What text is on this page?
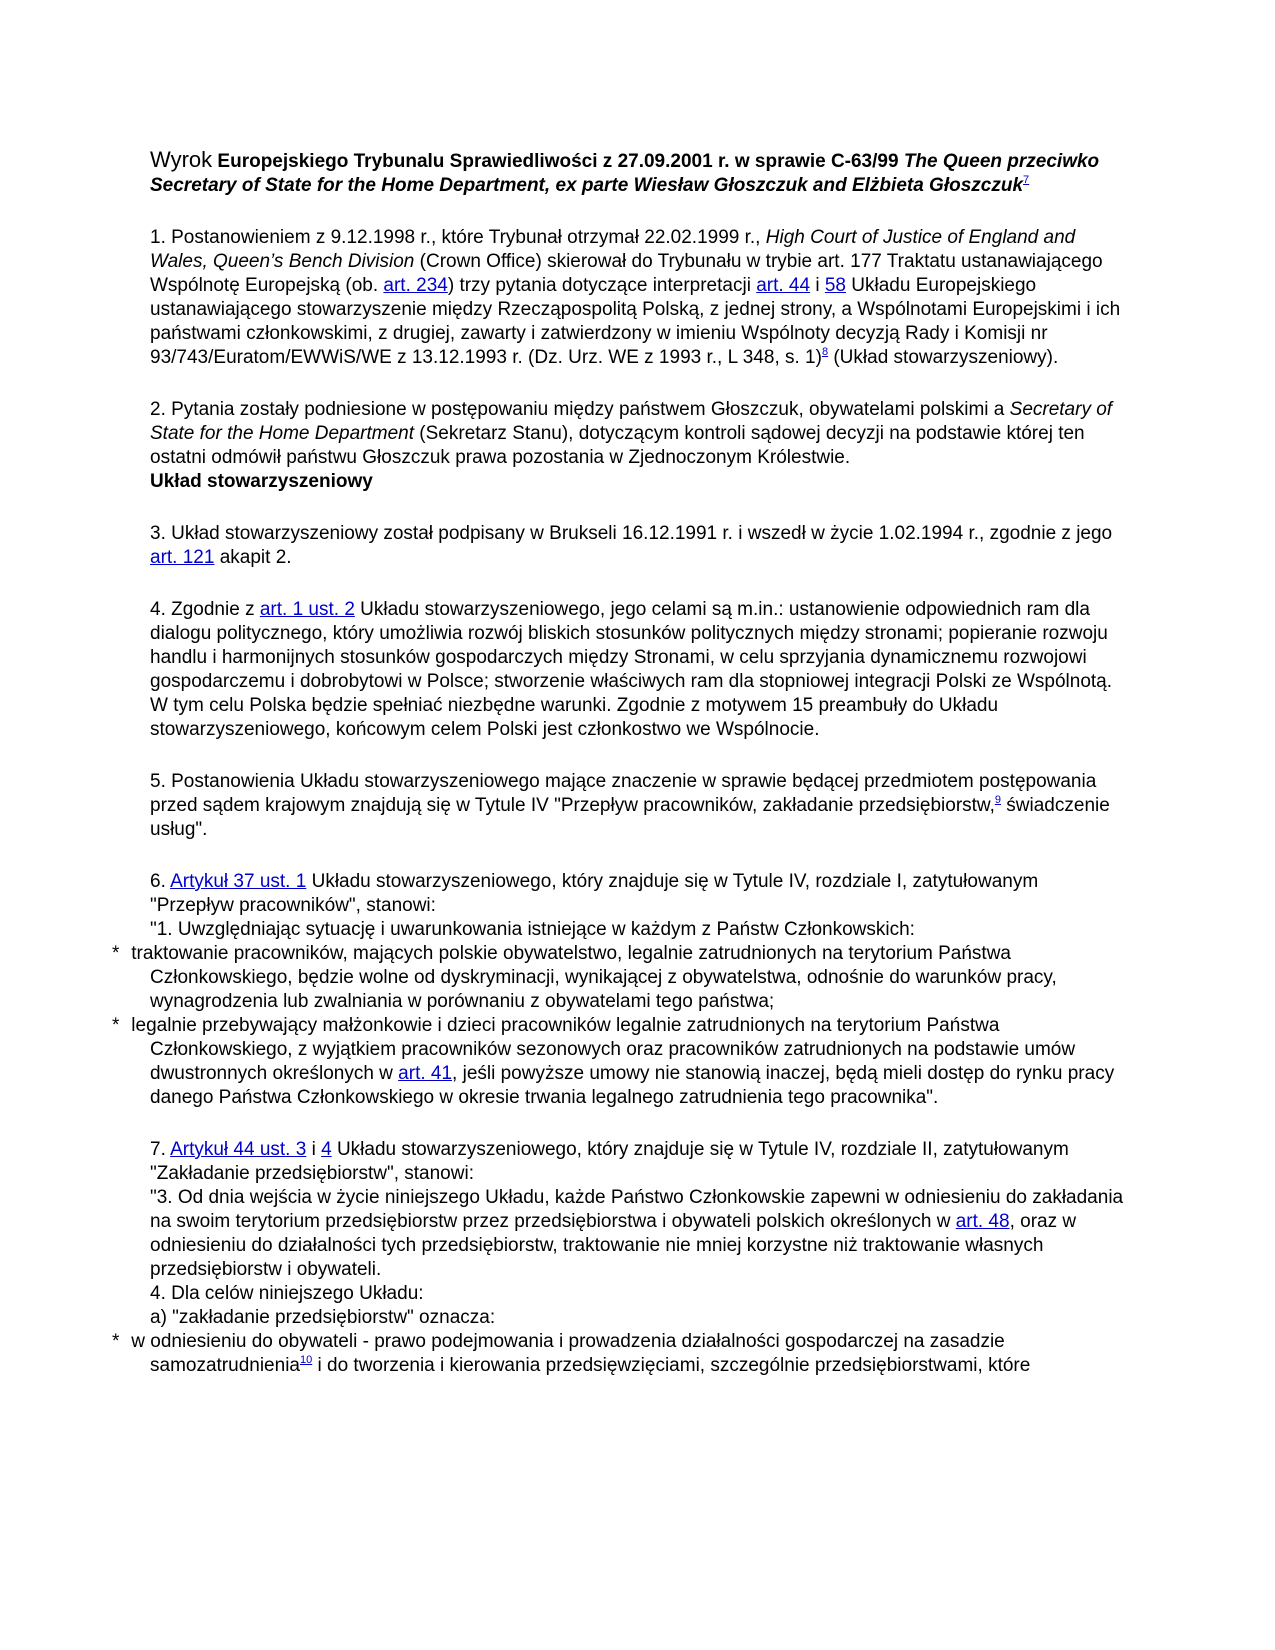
Wyrok Europejskiego Trybunalu Sprawiedliwości z 27.09.2001 r. w sprawie C-63/99 The Queen przeciwko Secretary of State for the Home Department, ex parte Wiesław Głoszczuk and Elżbieta Głoszczuk$^7$

1. Postanowieniem z 9.12.1998 r., które Trybunał otrzymał 22.02.1999 r., High Court of Justice of England and Wales, Queen’s Bench Division (Crown Office) skierował do Trybunału w trybie art. 177 Traktatu ustanawiającego Wspólnotę Europejską (ob. art. 234) trzy pytania dotyczące interpretacji art. 44 i 58 Układu Europejskiego ustanawiającego stowarzyszenie między Rzecząpospolitą Polską, z jednej strony, a Wspólnotami Europejskimi i ich państwami członkowskimi, z drugiej, zawarty i zatwierdzony w imieniu Wspólnoty decyzją Rady i Komisji nr 93/743/Euratom/EWWiS/WE z 13.12.1993 r. (Dz. Urz. WE z 1993 r., L 348, s. 1)$^8$ (Układ stowarzyszeniowy).

2. Pytania zostały podniesione w postępowaniu między państwem Głoszczuk, obywatelami polskimi a Secretary of State for the Home Department (Sekretarz Stanu), dotyczącym kontroli sądowej decyzji na podstawie której ten ostatni odmówił państwu Głoszczuk prawa pozostania w Zjednoczonym Królestwie.
Układ stowarzyszeniowy

3. Układ stowarzyszeniowy został podpisany w Brukseli 16.12.1991 r. i wszedł w życie 1.02.1994 r., zgodnie z jego art. 121 akapit 2.

4. Zgodnie z art. 1 ust. 2 Układu stowarzyszeniowego, jego celami są m.in.: ustanowienie odpowiednich ram dla dialogu politycznego, który umożliwia rozwój bliskich stosunków politycznych między stronami; popieranie rozwoju handlu i harmonijnych stosunków gospodarczych między Stronami, w celu sprzyjania dynamicznemu rozwojowi gospodarczemu i dobrobytowi w Polsce; stworzenie właściwych ram dla stopniowej integracji Polski ze Wspólnotą. W tym celu Polska będzie spełniać niezbędne warunki. Zgodnie z motywem 15 preambuły do Układu stowarzyszeniowego, końcowym celem Polski jest członkostwo we Wspólnocie.

5. Postanowienia Układu stowarzyszeniowego mające znaczenie w sprawie będącej przedmiotem postępowania przed sądem krajowym znajdują się w Tytule IV "Przepływ pracowników, zakładanie przedsiębiorstw,$^9$ świadczenie usług".

6. Artykuł 37 ust. 1 Układu stowarzyszeniowego, który znajduje się w Tytule IV, rozdziale I, zatytułowanym "Przepływ pracowników", stanowi:
"1. Uwzględniając sytuację i uwarunkowania istniejące w każdym z Państw Członkowskich:
* traktowanie pracowników, mających polskie obywatelstwo, legalnie zatrudnionych na terytorium Państwa Członkowskiego, będzie wolne od dyskryminacji, wynikającej z obywatelstwa, odnośnie do warunków pracy, wynagrodzenia lub zwalniania w porównaniu z obywatelami tego państwa;
* legalnie przebywający małżonkowie i dzieci pracowników legalnie zatrudnionych na terytorium Państwa Członkowskiego, z wyjątkiem pracowników sezonowych oraz pracowników zatrudnionych na podstawie umów dwustronnych określonych w art. 41, jeśli powyższe umowy nie stanowią inaczej, będą mieli dostęp do rynku pracy danego Państwa Członkowskiego w okresie trwania legalnego zatrudnienia tego pracownika".

7. Artykuł 44 ust. 3 i 4 Układu stowarzyszeniowego, który znajduje się w Tytule IV, rozdziale II, zatytułowanym "Zakładanie przedsiębiorstw", stanowi:
"3. Od dnia wejścia w życie niniejszego Układu, każde Państwo Członkowskie zapewni w odniesieniu do zakładania na swoim terytorium przedsiębiorstw przez przedsiębiorstwa i obywateli polskich określonych w art. 48, oraz w odniesieniu do działalności tych przedsiębiorstw, traktowanie nie mniej korzystne niż traktowanie własnych przedsiębiorstw i obywateli.
4. Dla celów niniejszego Układu:
a) "zakładanie przedsiębiorstw" oznacza:
* w odniesieniu do obywateli - prawo podejmowania i prowadzenia działalności gospodarczej na zasadzie samozatrudnienia$^{10}$ i do tworzenia i kierowania przedsięwzięciami, szczególnie przedsiębiorstwami, które
